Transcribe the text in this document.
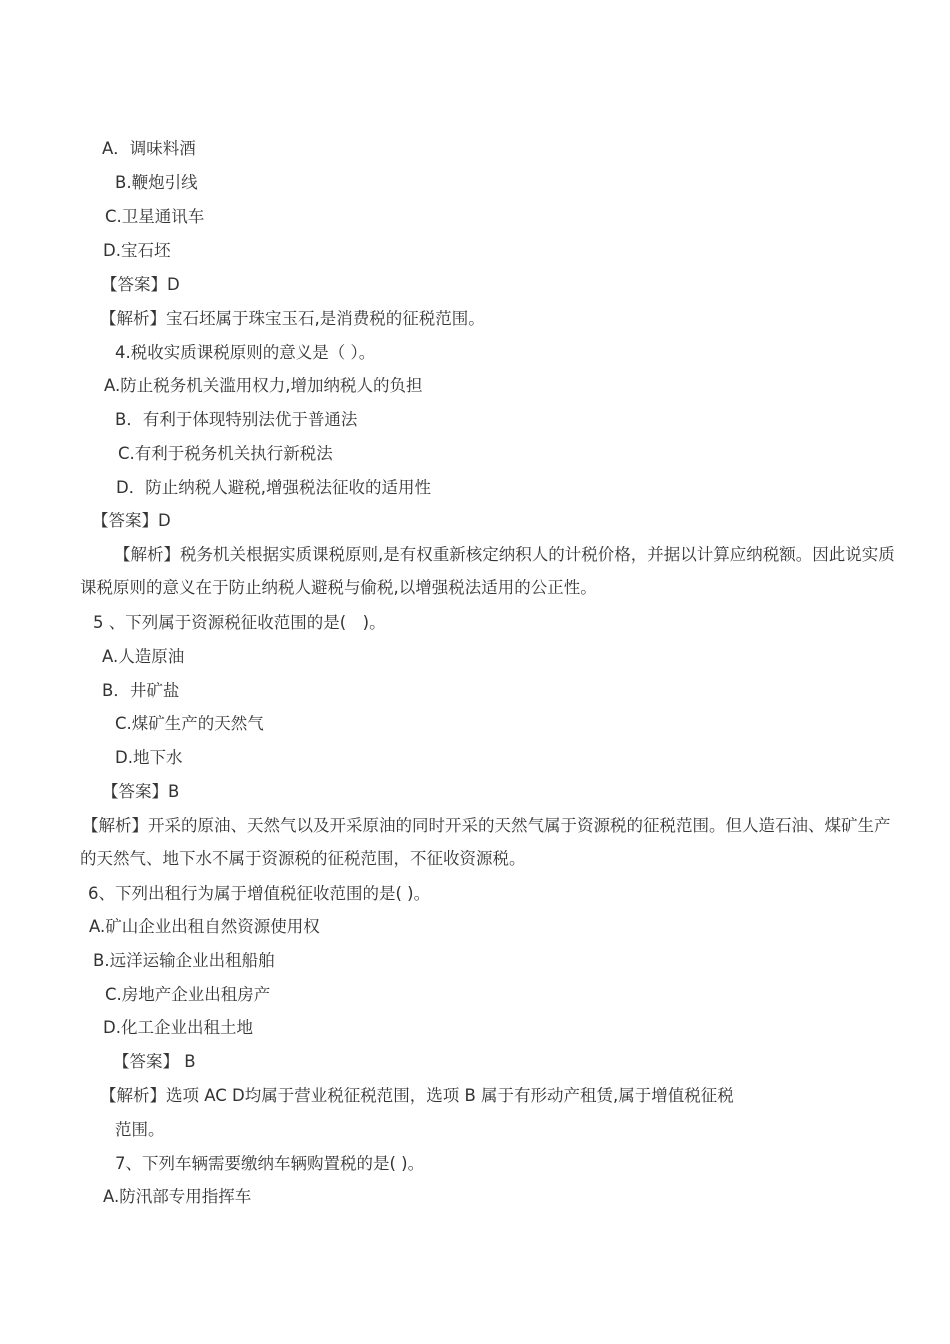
A．调味料酒
B.鞭炮引线
C.卫星通讯车
D.宝石坯
【答案】D
【解析】宝石坯属于珠宝玉石,是消费税的征税范围。
4.税收实质课税原则的意义是（ ）。
A.防止税务机关滥用权力,增加纳税人的负担
B．有利于体现特别法优于普通法
C.有利于税务机关执行新税法
D．防止纳税人避税,增强税法征收的适用性
【答案】D
【解析】税务机关根据实质课税原则,是有权重新核定纳积人的计税价格，并据以计算应纳税额。因此说实质课税原则的意义在于防止纳税人避税与偷税,以增强税法适用的公正性。
5 、下列属于资源税征收范围的是(　)。
A.人造原油
B．井矿盐
C.煤矿生产的天然气
D.地下水
【答案】B
【解析】开采的原油、天然气以及开采原油的同时开采的天然气属于资源税的征税范围。但人造石油、煤矿生产的天然气、地下水不属于资源税的征税范围，不征收资源税。
6、下列出租行为属于增值税征收范围的是( )。
A.矿山企业出租自然资源使用权
B.远洋运输企业出租船舶
C.房地产企业出租房产
D.化工企业出租土地
【答案】 B
【解析】选项 AC D均属于营业税征税范围，选项 B 属于有形动产租赁,属于增值税征税
范围。
7、下列车辆需要缴纳车辆购置税的是( )。
A.防汛部专用指挥车
